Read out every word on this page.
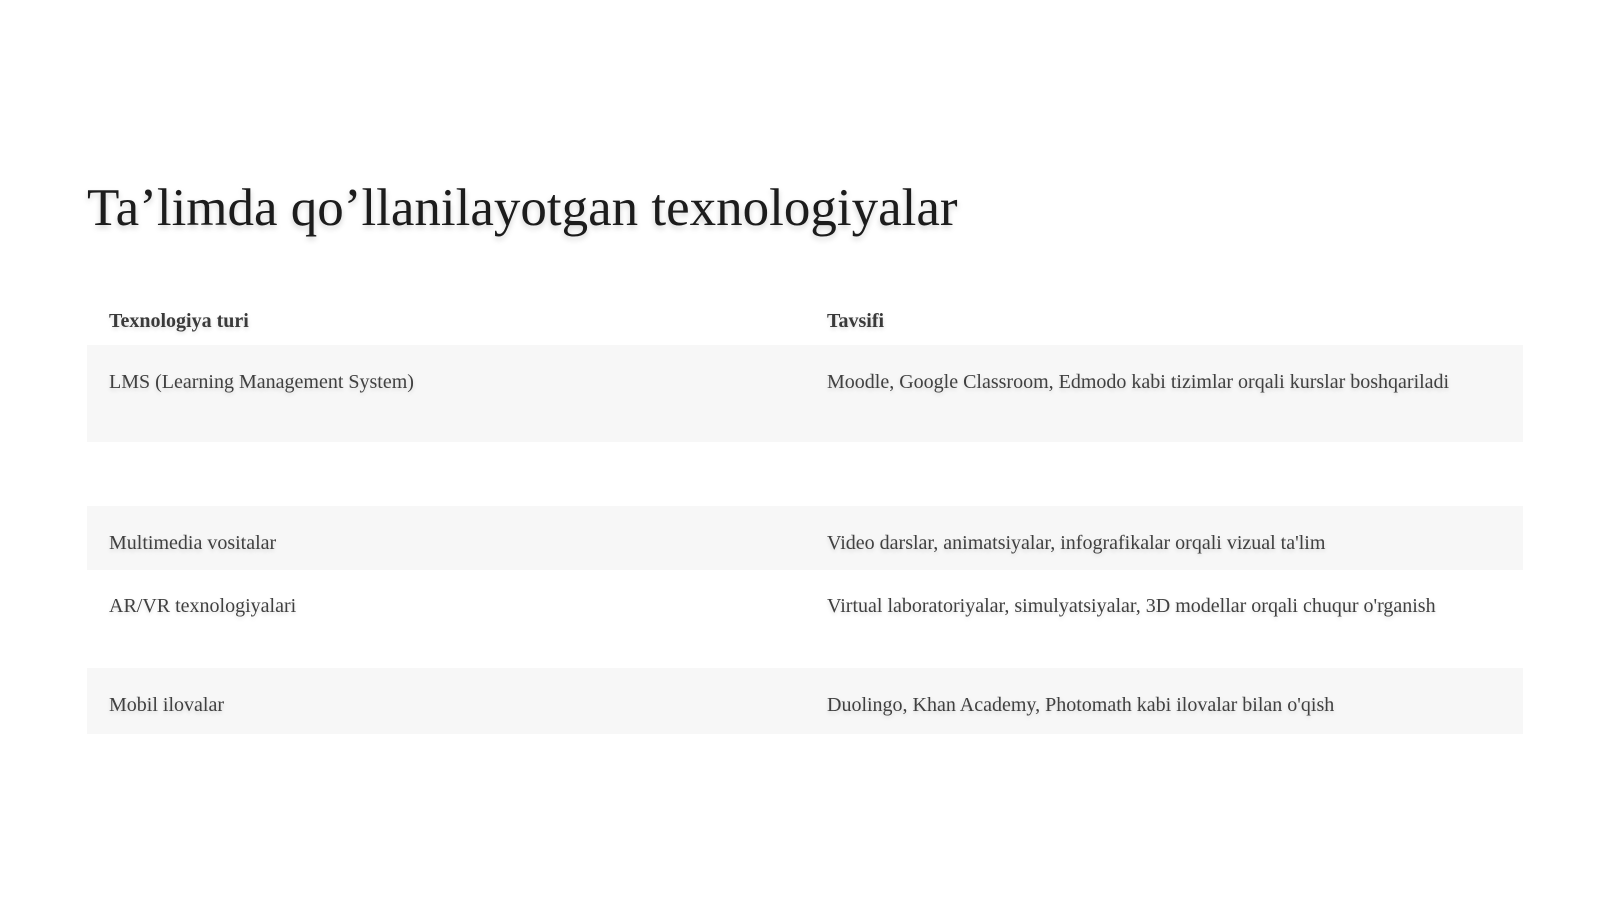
Ta’limda qo’llanilayotgan texnologiyalar
Texnologiya turi	Tavsifi
LMS (Learning Management System)	Moodle, Google Classroom, Edmodo kabi tizimlar orqali kurslar boshqariladi
Multimedia vositalar	Video darslar, animatsiyalar, infografikalar orqali vizual ta'lim
AR/VR texnologiyalari	Virtual laboratoriyalar, simulyatsiyalar, 3D modellar orqali chuqur o'rganish
Mobil ilovalar	Duolingo, Khan Academy, Photomath kabi ilovalar bilan o'qish
